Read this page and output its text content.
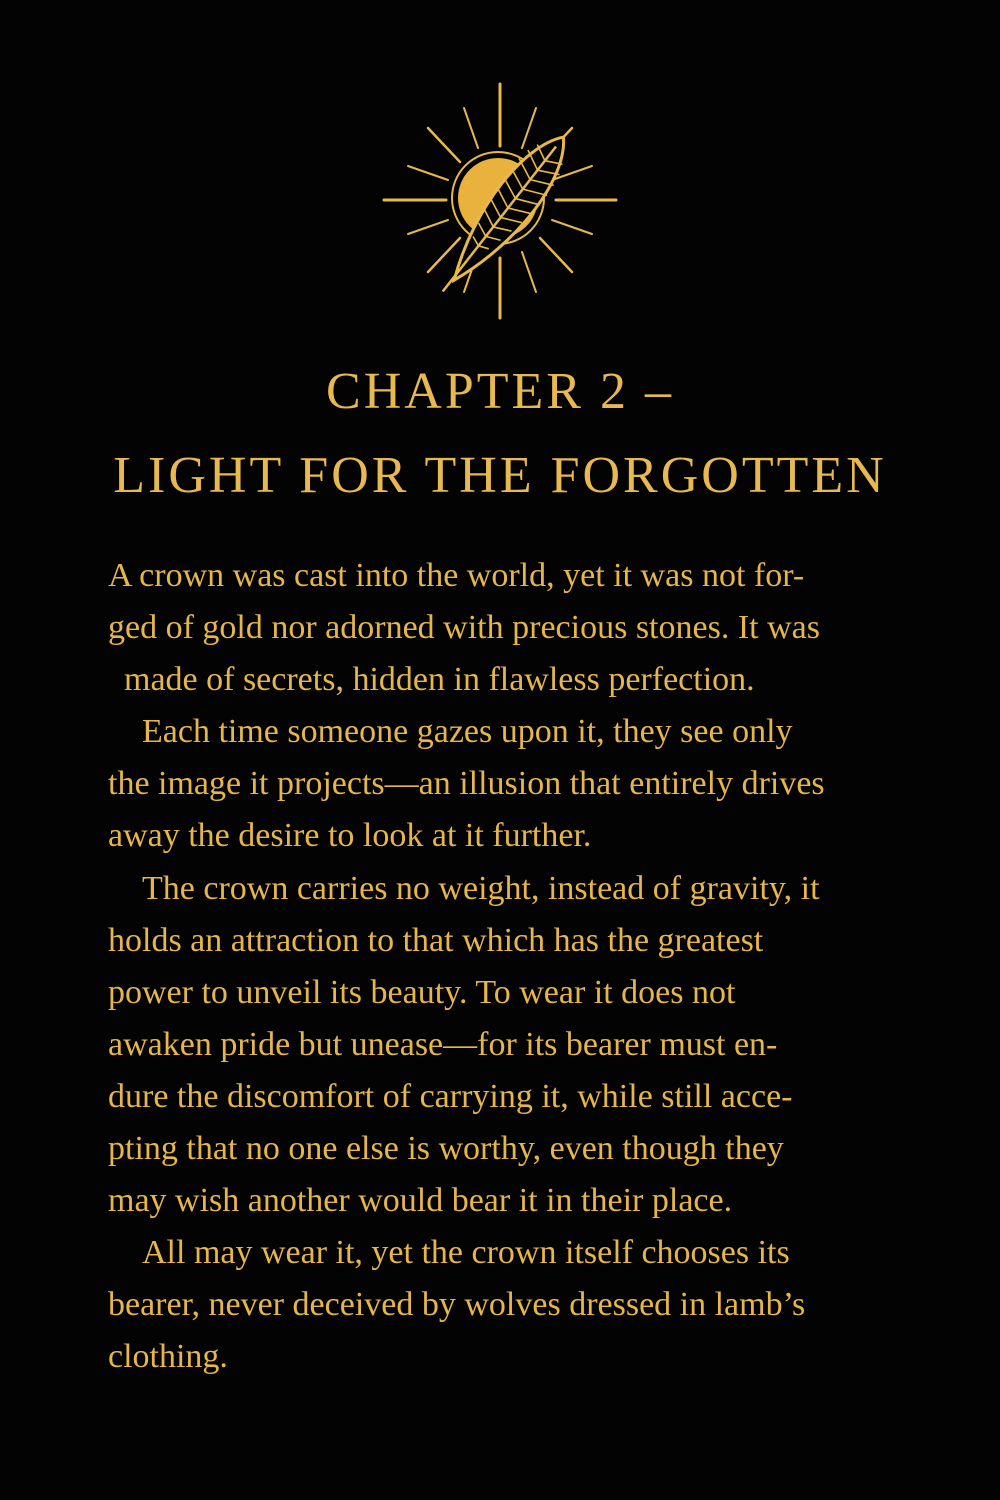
CHAPTER 2 –
LIGHT FOR THE FORGOTTEN
A crown was cast into the world, yet it was not for-
ged of gold nor adorned with precious stones. It was
made of secrets, hidden in flawless perfection.
Each time someone gazes upon it, they see only
the image it projects—an illusion that entirely drives
away the desire to look at it further.
The crown carries no weight, instead of gravity, it
holds an attraction to that which has the greatest
power to unveil its beauty. To wear it does not
awaken pride but unease—for its bearer must en-
dure the discomfort of carrying it, while still acce-
pting that no one else is worthy, even though they
may wish another would bear it in their place.
All may wear it, yet the crown itself chooses its
bearer, never deceived by wolves dressed in lamb’s
clothing.
